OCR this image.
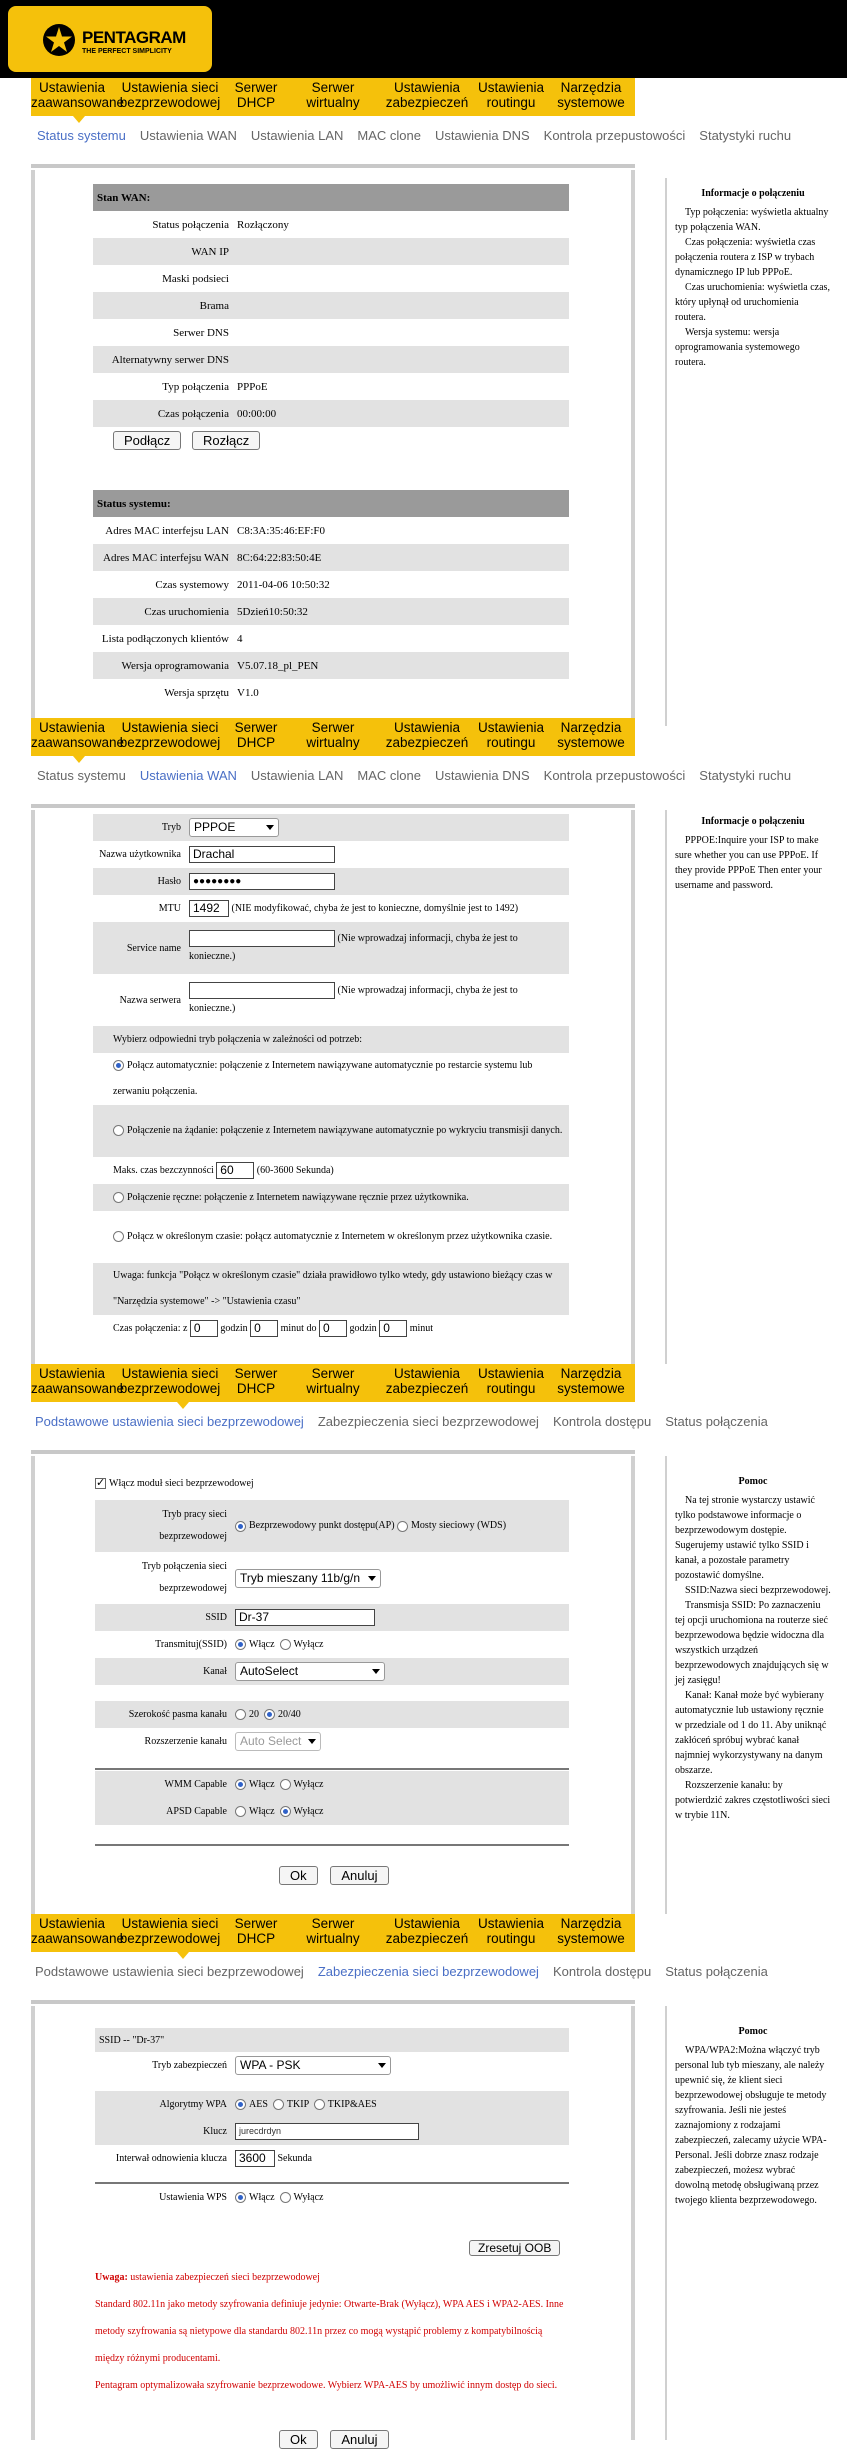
PENTAGRAM
THE PERFECT SIMPLICITY
Ustawienia
zaawansowane
Ustawienia sieci
bezprzewodowej
Serwer
DHCP
Serwer
wirtualny
Ustawienia
zabezpieczeń
Ustawienia
routingu
Narzędzia
systemowe
Status systemu Ustawienia WAN Ustawienia LAN MAC clone Ustawienia DNS Kontrola przepustowości Statystyki ruchu
Stan WAN:	
Status połączenia	Rozłączony
WAN IP	
Maski podsieci	
Brama	
Serwer DNS	
Alternatywny serwer DNS	
Typ połączenia	PPPoE
Czas połączenia	00:00:00
Podłącz Rozłącz	
Status systemu:	
Adres MAC interfejsu LAN	C8:3A:35:46:EF:F0
Adres MAC interfejsu WAN	8C:64:22:83:50:4E
Czas systemowy	2011-04-06 10:50:32
Czas uruchomienia	5Dzień10:50:32
Lista podłączonych klientów	4
Wersja oprogramowania	V5.07.18_pl_PEN
Wersja sprzętu	V1.0
Informacje o połączeniu
Typ połączenia: wyświetla aktualny typ połączenia WAN.
Czas połączenia: wyświetla czas połączenia routera z ISP w trybach dynamicznego IP lub PPPoE.
Czas uruchomienia: wyświetla czas, który upłynął od uruchomienia routera.
Wersja systemu: wersja oprogramowania systemowego routera.
Ustawienia
zaawansowane
Ustawienia sieci
bezprzewodowej
Serwer
DHCP
Serwer
wirtualny
Ustawienia
zabezpieczeń
Ustawienia
routingu
Narzędzia
systemowe
Status systemu Ustawienia WAN Ustawienia LAN MAC clone Ustawienia DNS Kontrola przepustowości Statystyki ruchu
Tryb	PPPOE

Nazwa użytkownika	Drachal
Hasło	●●●●●●●●
MTU	1492 (NIE modyfikować, chyba że jest to konieczne, domyślnie jest to 1492)
Service name	(Nie wprowadzaj informacji, chyba że jest to konieczne.)
Nazwa serwera	(Nie wprowadzaj informacji, chyba że jest to konieczne.)
Wybierz odpowiedni tryb połączenia w zależności od potrzeb:	
Połącz automatycznie: połączenie z Internetem nawiązywane automatycznie po restarcie systemu lub zerwaniu połączenia.	
Połączenie na żądanie: połączenie z Internetem nawiązywane automatycznie po wykryciu transmisji danych.	
Maks. czas bezczynności 60 (60-3600 Sekunda)	
Połączenie ręczne: połączenie z Internetem nawiązywane ręcznie przez użytkownika.	
Połącz w określonym czasie: połącz automatycznie z Internetem w określonym przez użytkownika czasie.	
Uwaga: funkcja "Połącz w określonym czasie" działa prawidłowo tylko wtedy, gdy ustawiono bieżący czas w "Narzędzia systemowe" -> "Ustawienia czasu"	
Czas połączenia: z 0 godzin 0 minut do 0 godzin 0 minut	
Informacje o połączeniu
PPPOE:Inquire your ISP to make sure whether you can use PPPoE. If they provide PPPoE Then enter your username and password.
Ustawienia
zaawansowane
Ustawienia sieci
bezprzewodowej
Serwer
DHCP
Serwer
wirtualny
Ustawienia
zabezpieczeń
Ustawienia
routingu
Narzędzia
systemowe
Podstawowe ustawienia sieci bezprzewodowej Zabezpieczenia sieci bezprzewodowej Kontrola dostępu Status połączenia
✓Włącz moduł sieci bezprzewodowej
Tryb pracy sieci bezprzewodowej	Bezprzewodowy punkt dostępu(AP) Mosty sieciowy (WDS)
Tryb połączenia sieci bezprzewodowej	Tryb mieszany 11b/g/n

SSID	Dr-37
Transmituj(SSID)	Włącz Wyłącz
Kanał	AutoSelect

Szerokość pasma kanału	20 20/40
Rozszerzenie kanału	Auto Select

WMM Capable	Włącz Wyłącz
APSD Capable	Włącz Wyłącz
Ok	Anuluj
Pomoc
Na tej stronie wystarczy ustawić tylko podstawowe informacje o bezprzewodowym dostępie. Sugerujemy ustawić tylko SSID i kanał, a pozostałe parametry pozostawić domyślne.
SSID:Nazwa sieci bezprzewodowej.
Transmisja SSID: Po zaznaczeniu tej opcji uruchomiona na routerze sieć bezprzewodowa będzie widoczna dla wszystkich urządzeń bezprzewodowych znajdujących się w jej zasięgu!
Kanał: Kanał może być wybierany automatycznie lub ustawiony ręcznie w przedziale od 1 do 11. Aby uniknąć zakłóceń spróbuj wybrać kanał najmniej wykorzystywany na danym obszarze.
Rozszerzenie kanału: by potwierdzić zakres częstotliwości sieci w trybie 11N.
Ustawienia
zaawansowane
Ustawienia sieci
bezprzewodowej
Serwer
DHCP
Serwer
wirtualny
Ustawienia
zabezpieczeń
Ustawienia
routingu
Narzędzia
systemowe
Podstawowe ustawienia sieci bezprzewodowej Zabezpieczenia sieci bezprzewodowej Kontrola dostępu Status połączenia
SSID -- "Dr-37"	
Tryb zabezpieczeń	WPA - PSK

Algorytmy WPA	AES TKIP TKIP&AES
Klucz	jurecdrdyn
Interwał odnowienia klucza	3600 Sekunda

Ustawienia WPS	Włącz Wyłącz
Zresetuj OOB
Uwaga: ustawienia zabezpieczeń sieci bezprzewodowej
Standard 802.11n jako metody szyfrowania definiuje jedynie: Otwarte-Brak (Wyłącz), WPA AES i WPA2-AES. Inne metody szyfrowania są nietypowe dla standardu 802.11n przez co mogą wystąpić problemy z kompatybilnością między różnymi producentami.
Pentagram optymalizowała szyfrowanie bezprzewodowe. Wybierz WPA-AES by umożliwić innym dostęp do sieci.
Ok	Anuluj
Pomoc
WPA/WPA2:Można włączyć tryb personal lub tyb mieszany, ale należy upewnić się, że klient sieci bezprzewodowej obsługuje te metody szyfrowania. Jeśli nie jesteś zaznajomiony z rodzajami zabezpieczeń, zalecamy użycie WPA-Personal. Jeśli dobrze znasz rodzaje zabezpieczeń, możesz wybrać dowolną metodę obsługiwaną przez twojego klienta bezprzewodowego.
